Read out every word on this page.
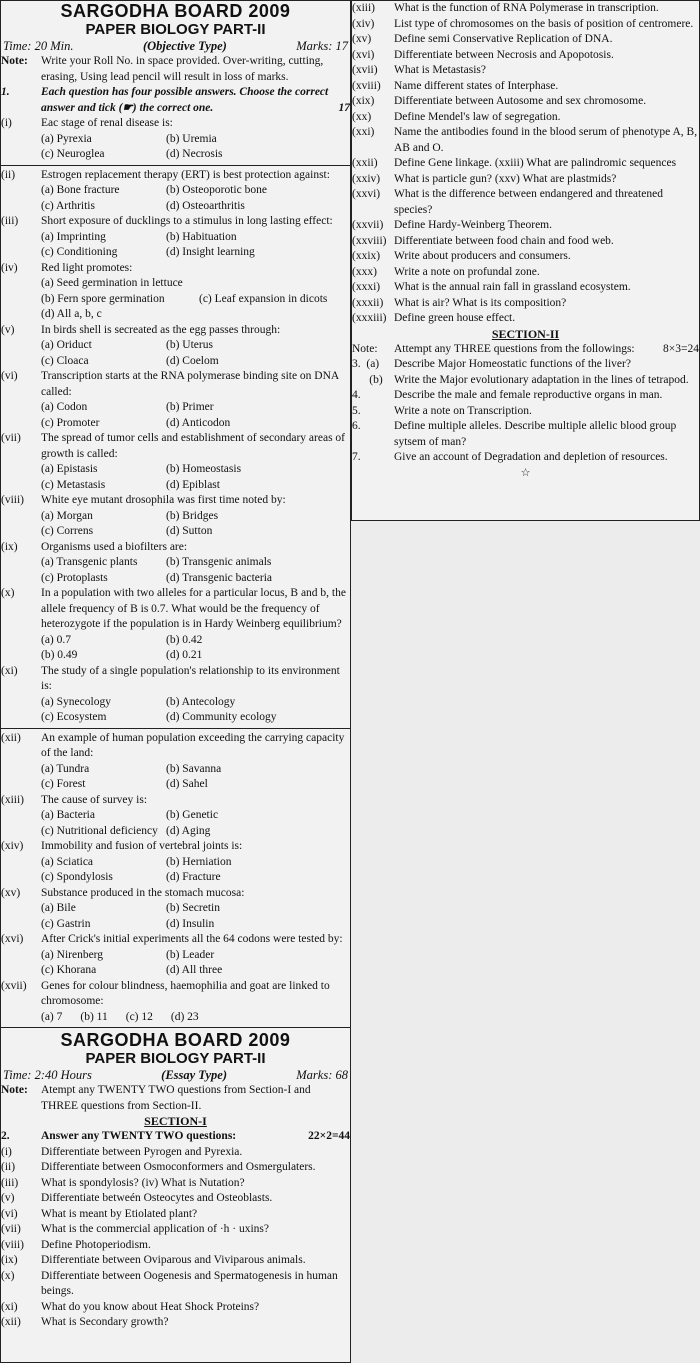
SARGODHA BOARD 2009
PAPER BIOLOGY PART-II
Time: 20 Min.	(Objective Type)	Marks: 17
Note:	Write your Roll No. in space provided. Over-writing, cutting, erasing, Using lead pencil will result in loss of marks.
1.	Each question has four possible answers. Choose the correct answer and tick (☛) the correct one.	17
(i)	Eac stage of renal disease is:
(a) Pyrexia	(b) Uremia
(c) Neuroglea	(d) Necrosis
(ii)	Estrogen replacement therapy (ERT) is best protection against:
(a) Bone fracture	(b) Osteoporotic bone
(c) Arthritis	(d) Osteoarthritis
(iii)	Short exposure of ducklings to a stimulus in long lasting effect:
(a) Imprinting	(b) Habituation
(c) Conditioning	(d) Insight learning
(iv)	Red light promotes:
(a) Seed germination in lettuce
(b) Fern spore germination	(c) Leaf expansion in dicots
(d) All a, b, c
(v)	In birds shell is secreated as the egg passes through:
(a) Oriduct	(b) Uterus
(c) Cloaca	(d) Coelom
(vi)	Transcription starts at the RNA polymerase binding site on DNA called:
(a) Codon	(b) Primer
(c) Promoter	(d) Anticodon
(vii)	The spread of tumor cells and establishment of secondary areas of growth is called:
(a) Epistasis	(b) Homeostasis
(c) Metastasis	(d) Epiblast
(viii)	White eye mutant drosophila was first time noted by:
(a) Morgan	(b) Bridges
(c) Correns	(d) Sutton
(ix)	Organisms used a biofilters are:
(a) Transgenic plants	(b) Transgenic animals
(c) Protoplasts	(d) Transgenic bacteria
(x)	In a population with two alleles for a particular locus, B and b, the allele frequency of B is 0.7. What would be the frequency of heterozygote if the population is in Hardy Weinberg equilibrium?
(a) 0.7	(b) 0.42
(b) 0.49	(d) 0.21
(xi)	The study of a single population's relationship to its environment is:
(a) Synecology	(b) Antecology
(c) Ecosystem	(d) Community ecology
(xii)	An example of human population exceeding the carrying capacity of the land:
(a) Tundra	(b) Savanna
(c) Forest	(d) Sahel
(xiii)	The cause of survey is:
(a) Bacteria	(b) Genetic
(c) Nutritional deficiency (d) Aging
(xiv)	Immobility and fusion of vertebral joints is:
(a) Sciatica	(b) Herniation
(c) Spondylosis	(d) Fracture
(xv)	Substance produced in the stomach mucosa:
(a) Bile	(b) Secretin
(c) Gastrin	(d) Insulin
(xvi)	After Crick's initial experiments all the 64 codons were tested by:
(a) Nirenberg	(b) Leader
(c) Khorana	(d) All three
(xvii)	Genes for colour blindness, haemophilia and goat are linked to chromosome:
(a) 7 (b) 11 (c) 12 (d) 23
SARGODHA BOARD 2009
PAPER BIOLOGY PART-II
Time: 2:40 Hours	(Essay Type)	Marks: 68
Note:	Atempt any TWENTY TWO questions from Section-I and THREE questions from Section-II.
SECTION-I
2.	Answer any TWENTY TWO questions:	22×2=44
(i)	Differentiate between Pyrogen and Pyrexia.
(ii)	Differentiate between Osmoconformers and Osmergulaters.
(iii)	What is spondylosis? (iv) What is Nutation?
(v)	Differentiate betweén Osteocytes and Osteoblasts.
(vi)	What is meant by Etiolated plant?
(vii)	What is the commercial application of ·h · uxins?
(viii)	Define Photoperiodism.
(ix)	Differentiate between Oviparous and Viviparous animals.
(x)	Differentiate between Oogenesis and Spermatogenesis in human beings.
(xi)	What do you know about Heat Shock Proteins?
(xii)	What is Secondary growth?
(xiii)	What is the function of RNA Polymerase in transcription.
(xiv)	List type of chromosomes on the basis of position of centromere.
(xv)	Define semi Conservative Replication of DNA.
(xvi)	Differentiate between Necrosis and Apopotosis.
(xvii)	What is Metastasis?
(xviii)	Name different states of Interphase.
(xix)	Differentiate between Autosome and sex chromosome.
(xx)	Define Mendel's law of segregation.
(xxi)	Name the antibodies found in the blood serum of phenotype A, B, AB and O.
(xxii)	Define Gene linkage. (xxiii) What are palindromic sequences
(xxiv)	What is particle gun? (xxv) What are plastmids?
(xxvi)	What is the difference between endangered and threatened species?
(xxvii) Define Hardy-Weinberg Theorem.
(xxviii) Differentiate between food chain and food web.
(xxix)	Write about producers and consumers.
(xxx)	Write a note on profundal zone.
(xxxi)	What is the annual rain fall in grassland ecosystem.
(xxxii) What is air? What is its composition?
(xxxiii) Define green house effect.
SECTION-II
Note:	Attempt any THREE questions from the followings: 8×3=24
3.  (a)	Describe Major Homeostatic functions of the liver?
(b) Write the Major evolutionary adaptation in the lines of tetrapod.
4.	Describe the male and female reproductive organs in man.
5.	Write a note on Transcription.
6.	Define multiple alleles. Describe multiple allelic blood group sytsem of man?
7.	Give an account of Degradation and depletion of resources.
☆
